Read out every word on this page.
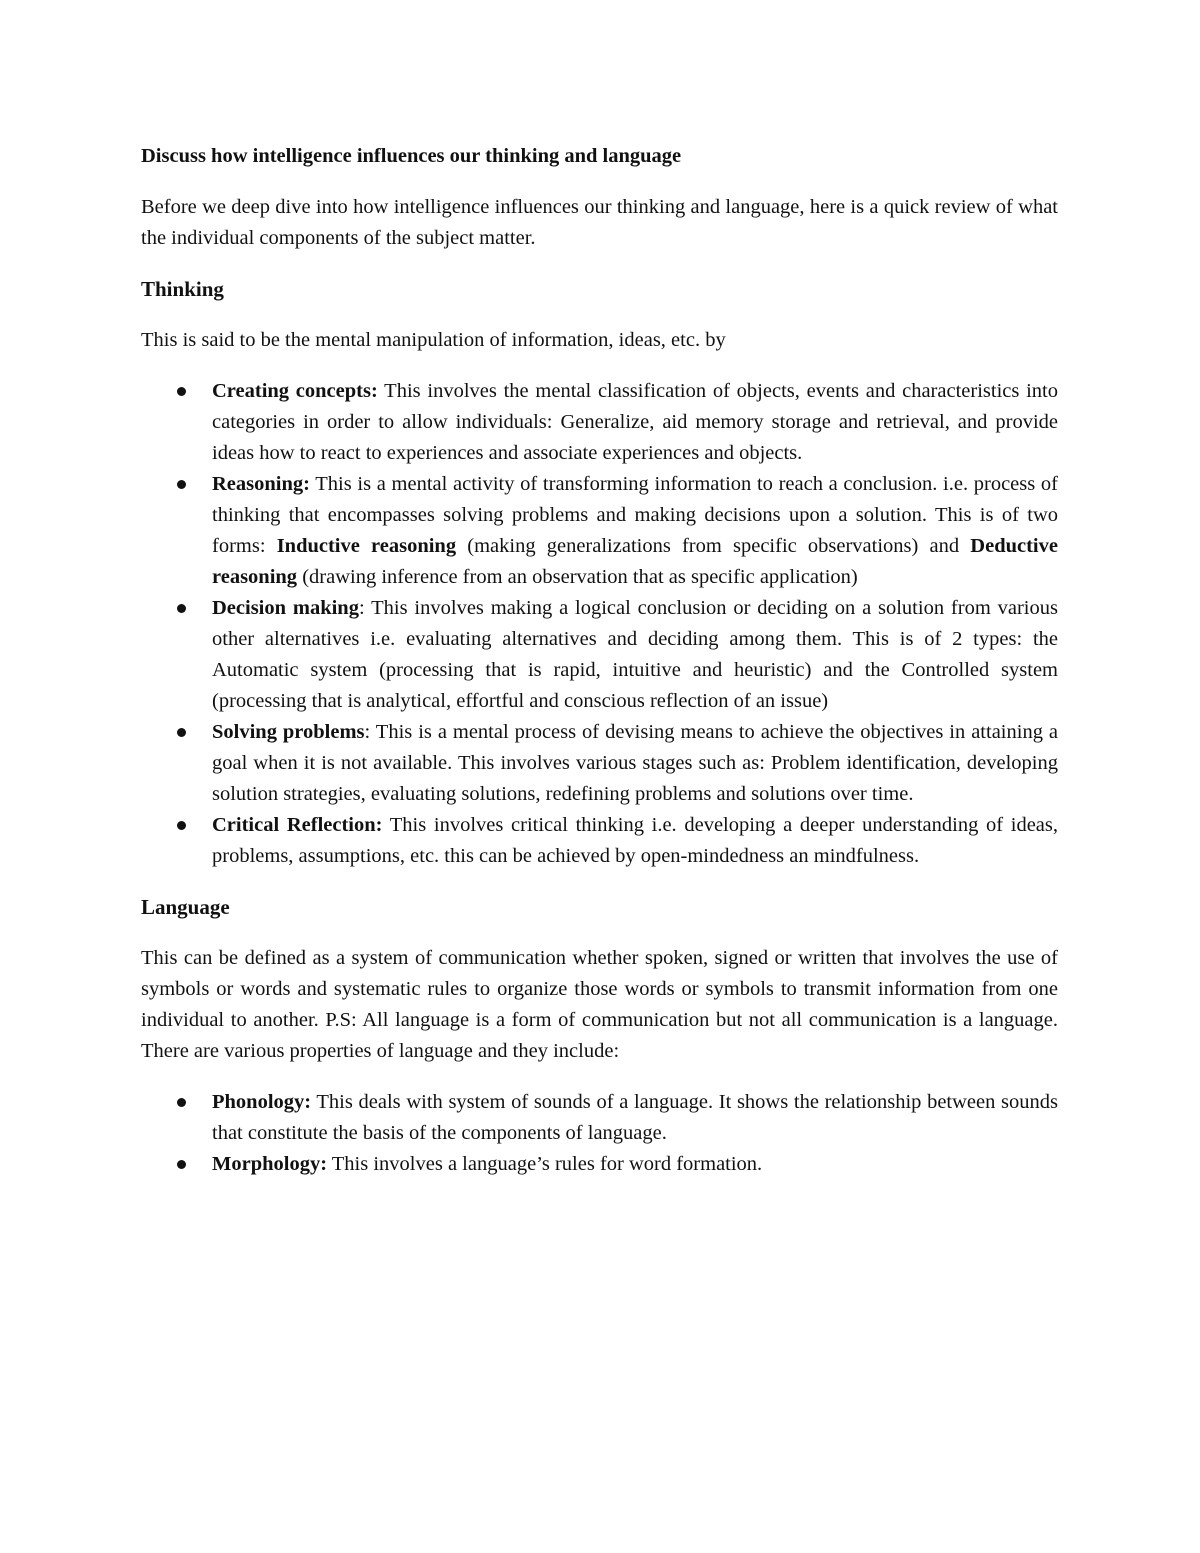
Discuss how intelligence influences our thinking and language

Before we deep dive into how intelligence influences our thinking and language, here is a quick review of what the individual components of the subject matter.

Thinking

This is said to be the mental manipulation of information, ideas, etc. by

Creating concepts: This involves the mental classification of objects, events and characteristics into categories in order to allow individuals: Generalize, aid memory storage and retrieval, and provide ideas how to react to experiences and associate experiences and objects.
Reasoning: This is a mental activity of transforming information to reach a conclusion. i.e. process of thinking that encompasses solving problems and making decisions upon a solution. This is of two forms: Inductive reasoning (making generalizations from specific observations) and Deductive reasoning (drawing inference from an observation that as specific application)
Decision making: This involves making a logical conclusion or deciding on a solution from various other alternatives i.e. evaluating alternatives and deciding among them. This is of 2 types: the Automatic system (processing that is rapid, intuitive and heuristic) and the Controlled system (processing that is analytical, effortful and conscious reflection of an issue)
Solving problems: This is a mental process of devising means to achieve the objectives in attaining a goal when it is not available. This involves various stages such as: Problem identification, developing solution strategies, evaluating solutions, redefining problems and solutions over time.
Critical Reflection: This involves critical thinking i.e. developing a deeper understanding of ideas, problems, assumptions, etc. this can be achieved by open-mindedness an mindfulness.
Language

This can be defined as a system of communication whether spoken, signed or written that involves the use of symbols or words and systematic rules to organize those words or symbols to transmit information from one individual to another. P.S: All language is a form of communication but not all communication is a language. There are various properties of language and they include:

Phonology: This deals with system of sounds of a language. It shows the relationship between sounds that constitute the basis of the components of language.
Morphology: This involves a language’s rules for word formation.
